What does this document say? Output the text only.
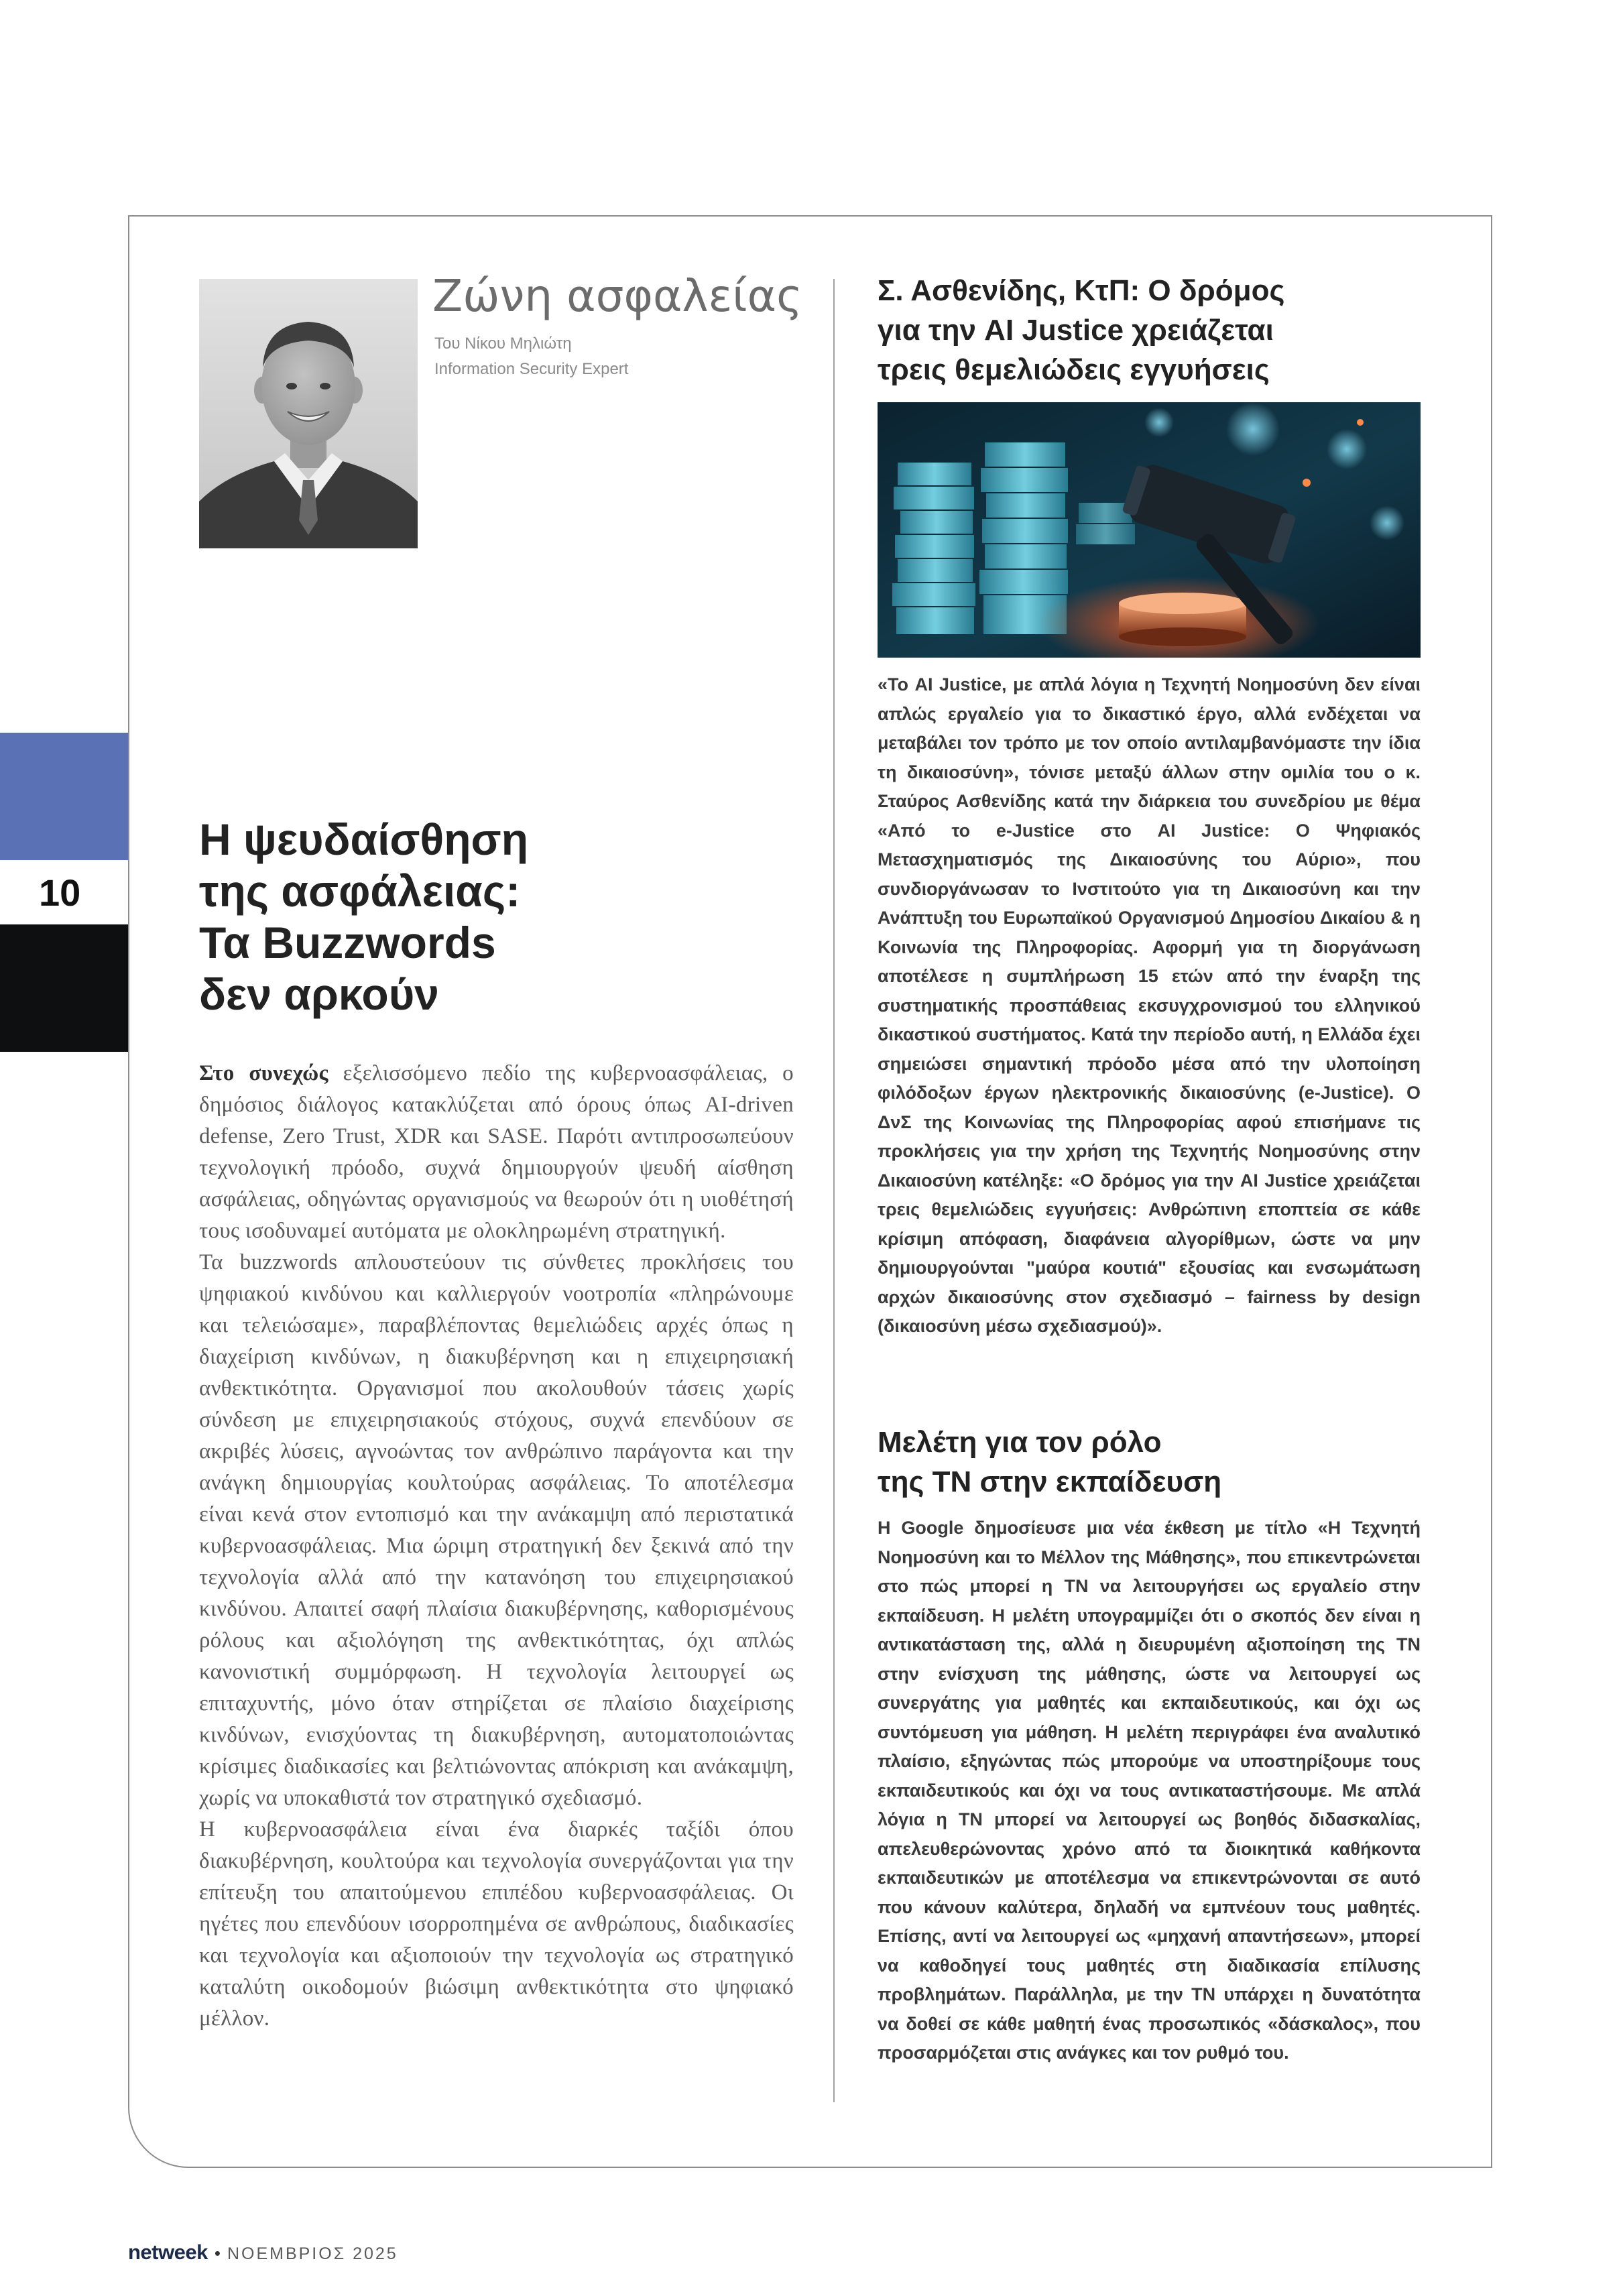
10
Ζώνη ασφαλείας
Του Νίκου Μηλιώτη
Information Security Expert
Η ψευδαίσθηση
της ασφάλειας:
Τα Buzzwords
δεν αρκούν

Στο συνεχώς εξελισσόμενο πεδίο της κυβερνοασφάλειας, ο δημόσιος διάλογος κατακλύζεται από όρους όπως AI-driven defense, Zero Trust, XDR και SASE. Παρότι αντιπροσωπεύουν τεχνολογική πρόοδο, συχνά δημιουργούν ψευδή αίσθηση ασφάλειας, οδηγώντας οργανισμούς να θεωρούν ότι η υιοθέτησή τους ισοδυναμεί αυτόματα με ολοκληρωμένη στρατηγική.

Τα buzzwords απλουστεύουν τις σύνθετες προκλήσεις του ψηφιακού κινδύνου και καλλιεργούν νοοτροπία «πληρώνουμε και τελειώσαμε», παραβλέποντας θεμελιώδεις αρχές όπως η διαχείριση κινδύνων, η διακυβέρνηση και η επιχειρησιακή ανθεκτικότητα. Οργανισμοί που ακολουθούν τάσεις χωρίς σύνδεση με επιχειρησιακούς στόχους, συχνά επενδύουν σε ακριβές λύσεις, αγνοώντας τον ανθρώπινο παράγοντα και την ανάγκη δημιουργίας κουλτούρας ασφάλειας. Το αποτέλεσμα είναι κενά στον εντοπισμό και την ανάκαμψη από περιστατικά κυβερνοασφάλειας. Μια ώριμη στρατηγική δεν ξεκινά από την τεχνολογία αλλά από την κατανόηση του επιχειρησιακού κινδύνου. Απαιτεί σαφή πλαίσια διακυβέρνησης, καθορισμένους ρόλους και αξιολόγηση της ανθεκτικότητας, όχι απλώς κανονιστική συμμόρφωση. Η τεχνολογία λειτουργεί ως επιταχυντής, μόνο όταν στηρίζεται σε πλαίσιο διαχείρισης κινδύνων, ενισχύοντας τη διακυβέρνηση, αυτοματοποιώντας κρίσιμες διαδικασίες και βελτιώνοντας απόκριση και ανάκαμψη, χωρίς να υποκαθιστά τον στρατηγικό σχεδιασμό.

Η κυβερνοασφάλεια είναι ένα διαρκές ταξίδι όπου διακυβέρνηση, κουλτούρα και τεχνολογία συνεργάζονται για την επίτευξη του απαιτούμενου επιπέδου κυβερνοασφάλειας. Οι ηγέτες που επενδύουν ισορροπημένα σε ανθρώπους, διαδικασίες και τεχνολογία και αξιοποιούν την τεχνολογία ως στρατηγικό καταλύτη οικοδομούν βιώσιμη ανθεκτικότητα στο ψηφιακό μέλλον.

Σ. Ασθενίδης, ΚτΠ: Ο δρόμος
για την AI Justice χρειάζεται
τρεις θεμελιώδεις εγγυήσεις

«Το AI Justice, με απλά λόγια η Τεχνητή Νοημοσύνη δεν είναι απλώς εργαλείο για το δικαστικό έργο, αλλά ενδέχεται να μεταβάλει τον τρόπο με τον οποίο αντιλαμβανόμαστε την ίδια τη δικαιοσύνη», τόνισε μεταξύ άλλων στην ομιλία του ο κ. Σταύρος Ασθενίδης κατά την διάρκεια του συνεδρίου με θέμα «Από το e-Justice στο AI Justice: Ο Ψηφιακός Μετασχηματισμός της Δικαιοσύνης του Αύριο», που συνδιοργάνωσαν το Ινστιτούτο για τη Δικαιοσύνη και την Ανάπτυξη του Ευρωπαϊκού Οργανισμού Δημοσίου Δικαίου & η Κοινωνία της Πληροφορίας. Αφορμή για τη διοργάνωση αποτέλεσε η συμπλήρωση 15 ετών από την έναρξη της συστηματικής προσπάθειας εκσυγχρονισμού του ελληνικού δικαστικού συστήματος. Κατά την περίοδο αυτή, η Ελλάδα έχει σημειώσει σημαντική πρόοδο μέσα από την υλοποίηση φιλόδοξων έργων ηλεκτρονικής δικαιοσύνης (e-Justice). Ο ΔνΣ της Κοινωνίας της Πληροφορίας αφού επισήμανε τις προκλήσεις για την χρήση της Τεχνητής Νοημοσύνης στην Δικαιοσύνη κατέληξε: «Ο δρόμος για την AI Justice χρειάζεται τρεις θεμελιώδεις εγγυήσεις: Ανθρώπινη εποπτεία σε κάθε κρίσιμη απόφαση, διαφάνεια αλγορίθμων, ώστε να μην δημιουργούνται "μαύρα κουτιά" εξουσίας και ενσωμάτωση αρχών δικαιοσύνης στον σχεδιασμό – fairness by design (δικαιοσύνη μέσω σχεδιασμού)».

Μελέτη για τον ρόλο
της ΤΝ στην εκπαίδευση

Η Google δημοσίευσε μια νέα έκθεση με τίτλο «Η Τεχνητή Νοημοσύνη και το Μέλλον της Μάθησης», που επικεντρώνεται στο πώς μπορεί η ΤΝ να λειτουργήσει ως εργαλείο στην εκπαίδευση. Η μελέτη υπογραμμίζει ότι ο σκοπός δεν είναι η αντικατάσταση της, αλλά η διευρυμένη αξιοποίηση της ΤΝ στην ενίσχυση της μάθησης, ώστε να λειτουργεί ως συνεργάτης για μαθητές και εκπαιδευτικούς, και όχι ως συντόμευση για μάθηση. Η μελέτη περιγράφει ένα αναλυτικό πλαίσιο, εξηγώντας πώς μπορούμε να υποστηρίξουμε τους εκπαιδευτικούς και όχι να τους αντικαταστήσουμε. Με απλά λόγια η ΤΝ μπορεί να λειτουργεί ως βοηθός διδασκαλίας, απελευθερώνοντας χρόνο από τα διοικητικά καθήκοντα εκπαιδευτικών με αποτέλεσμα να επικεντρώνονται σε αυτό που κάνουν καλύτερα, δηλαδή να εμπνέουν τους μαθητές. Επίσης, αντί να λειτουργεί ως «μηχανή απαντήσεων», μπορεί να καθοδηγεί τους μαθητές στη διαδικασία επίλυσης προβλημάτων. Παράλληλα, με την ΤΝ υπάρχει η δυνατότητα να δοθεί σε κάθε μαθητή ένας προσωπικός «δάσκαλος», που προσαρμόζεται στις ανάγκες και τον ρυθμό του.

netweek • ΝΟΕΜΒΡΙΟΣ 2025
